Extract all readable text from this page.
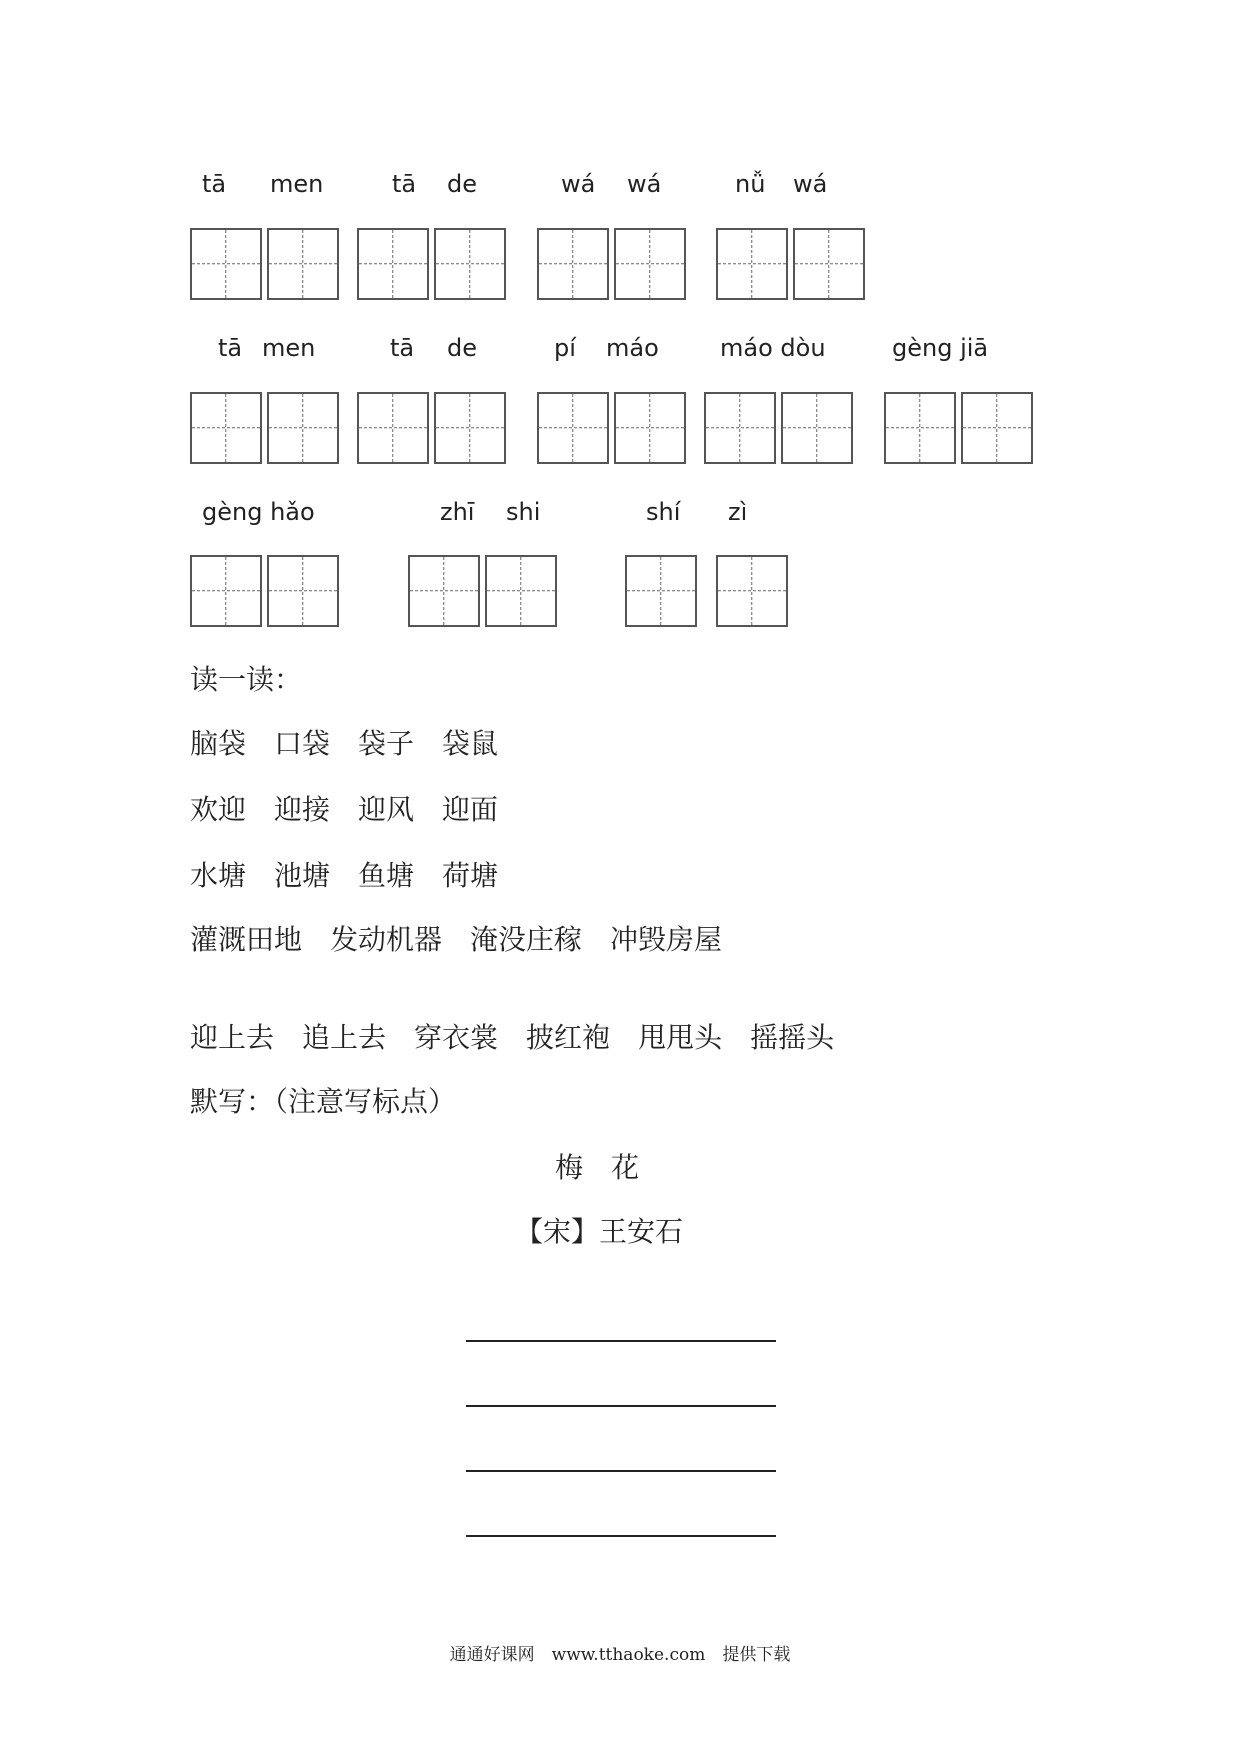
tā men	tā de	wá wá	nǚ wá
tā men	tā de	pí máo	máo dòu	gèng jiā
gèng hǎo	zhī shi	shí zì
读一读：
脑袋 口袋 袋子 袋鼠
欢迎 迎接 迎风 迎面
水塘 池塘 鱼塘 荷塘
灌溉田地 发动机器 淹没庄稼 冲毁房屋
迎上去 追上去 穿衣裳 披红袍 甩甩头 摇摇头
默写：（注意写标点）
梅　花
【宋】王安石
通通好课网　www.tthaoke.com　提供下载
